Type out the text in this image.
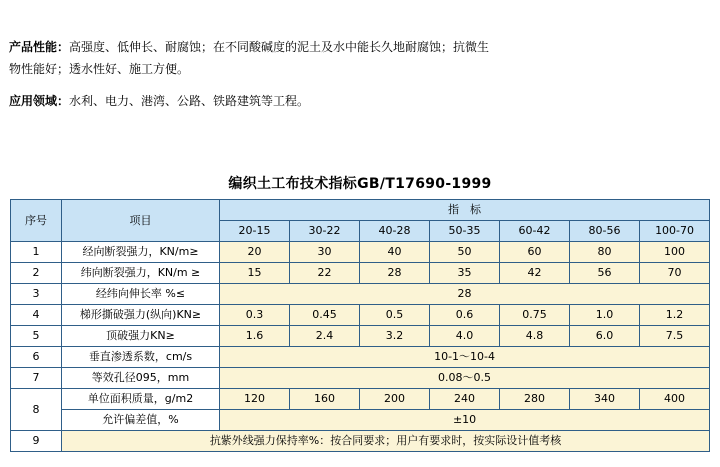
产品性能：高强度、低伸长、耐腐蚀；在不同酸碱度的泥土及水中能长久地耐腐蚀；抗微生物性能好；透水性好、施工方便。
应用领域：水利、电力、港湾、公路、铁路建筑等工程。
编织土工布技术指标GB/T17690-1999
序号	项目	指　标						
		20-15	30-22	40-28	50-35	60-42	80-56	100-70
1	经向断裂强力，KN/m≥	20	30	40	50	60	80	100
2	纬向断裂强力，KN/m ≥	15	22	28	35	42	56	70
3	经纬向伸长率 %≤	28						
4	梯形撕破强力(纵向)KN≥	0.3	0.45	0.5	0.6	0.75	1.0	1.2
5	顶破强力KN≥	1.6	2.4	3.2	4.0	4.8	6.0	7.5
6	垂直渗透系数，cm/s	10-1～10-4						
7	等效孔径095，mm	0.08～0.5						
8	单位面积质量，g/m2	120	160	200	240	280	340	400
	允许偏差值，%	±10						
9	抗紫外线强力保持率%：按合同要求；用户有要求时，按实际设计值考核							
